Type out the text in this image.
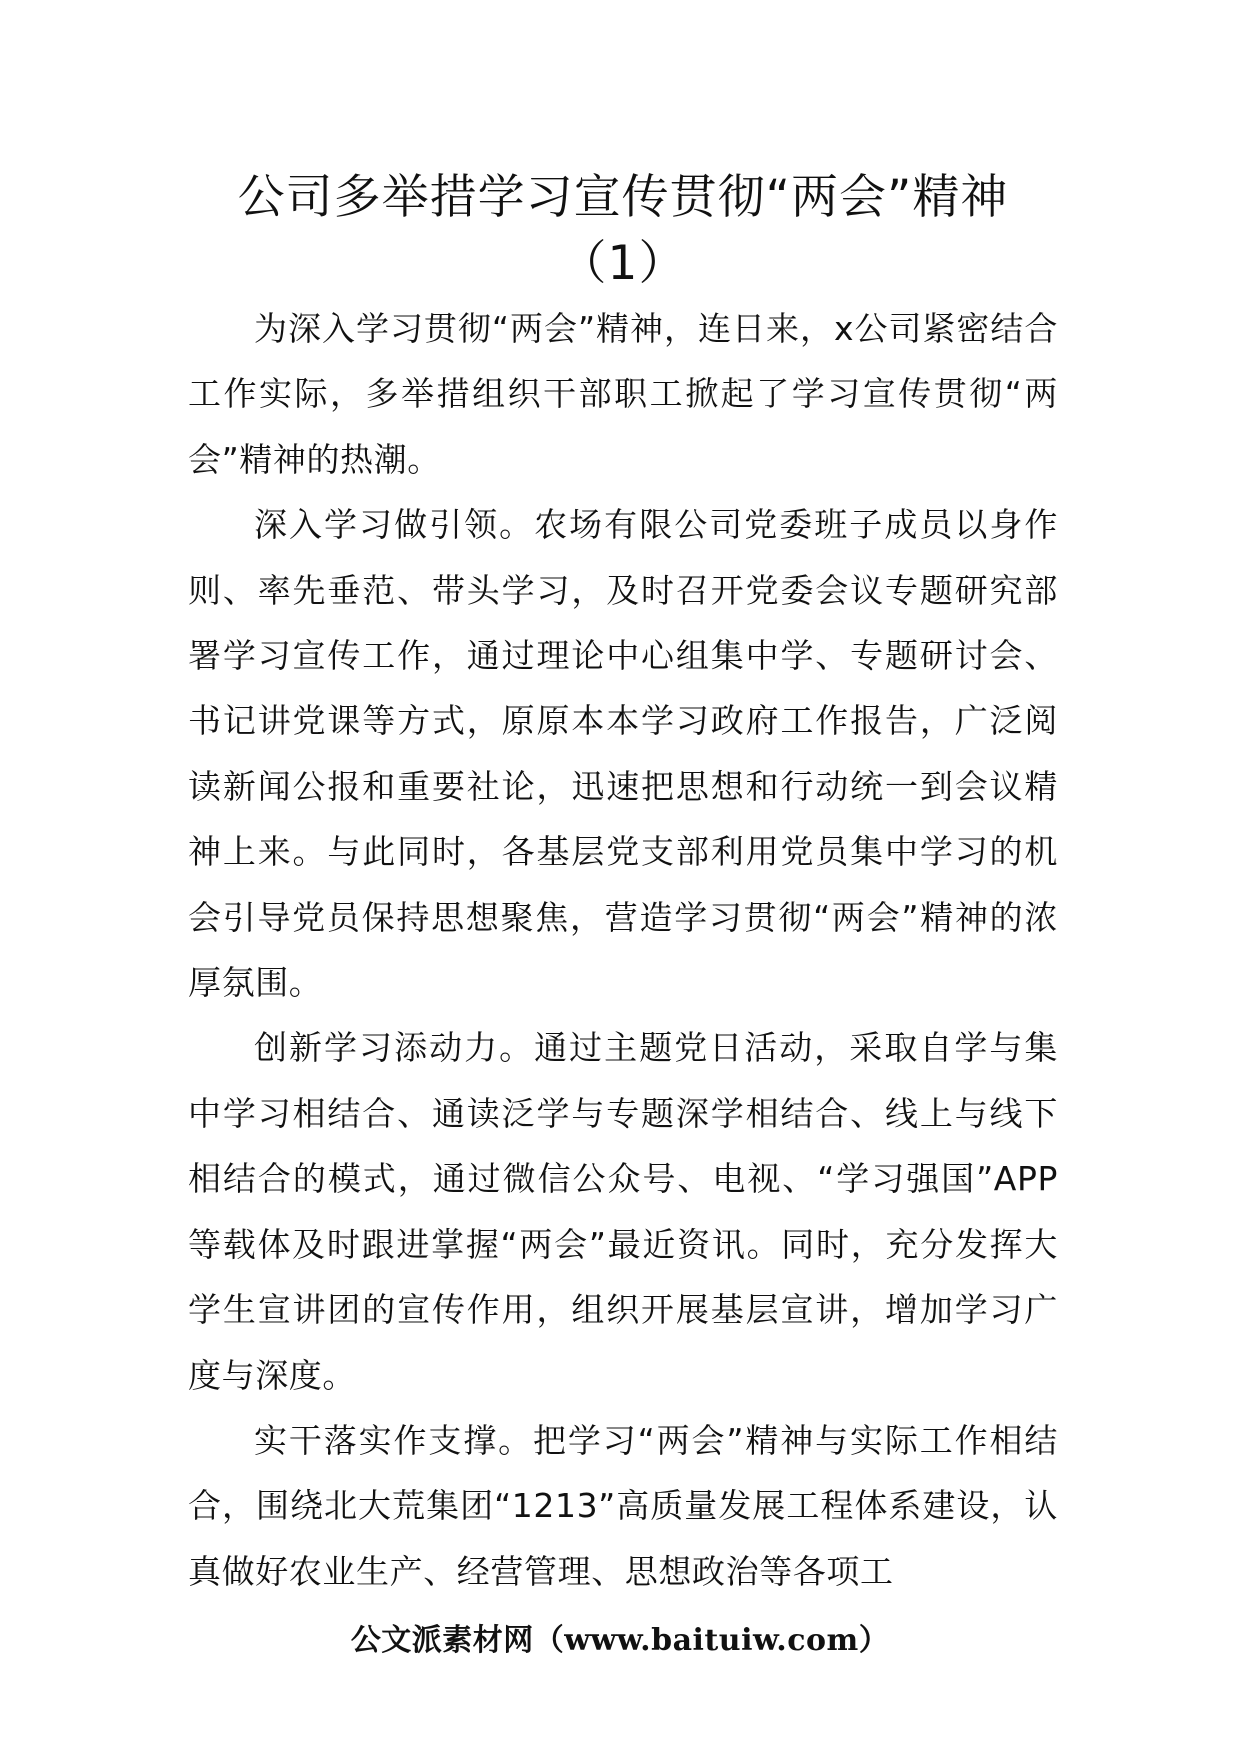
公司多举措学习宣传贯彻“两会”精神
（1）

为深入学习贯彻“两会”精神，连日来，x公司紧密结合工作实际，多举措组织干部职工掀起了学习宣传贯彻“两会”精神的热潮。

深入学习做引领。农场有限公司党委班子成员以身作则、率先垂范、带头学习，及时召开党委会议专题研究部署学习宣传工作，通过理论中心组集中学、专题研讨会、书记讲党课等方式，原原本本学习政府工作报告，广泛阅读新闻公报和重要社论，迅速把思想和行动统一到会议精神上来。与此同时，各基层党支部利用党员集中学习的机会引导党员保持思想聚焦，营造学习贯彻“两会”精神的浓厚氛围。

创新学习添动力。通过主题党日活动，采取自学与集中学习相结合、通读泛学与专题深学相结合、线上与线下相结合的模式，通过微信公众号、电视、“学习强国”APP等载体及时跟进掌握“两会”最近资讯。同时，充分发挥大学生宣讲团的宣传作用，组织开展基层宣讲，增加学习广度与深度。

实干落实作支撑。把学习“两会”精神与实际工作相结合，围绕北大荒集团“1213”高质量发展工程体系建设，认真做好农业生产、经营管理、思想政治等各项工

公文派素材网（www.baituiw.com）
